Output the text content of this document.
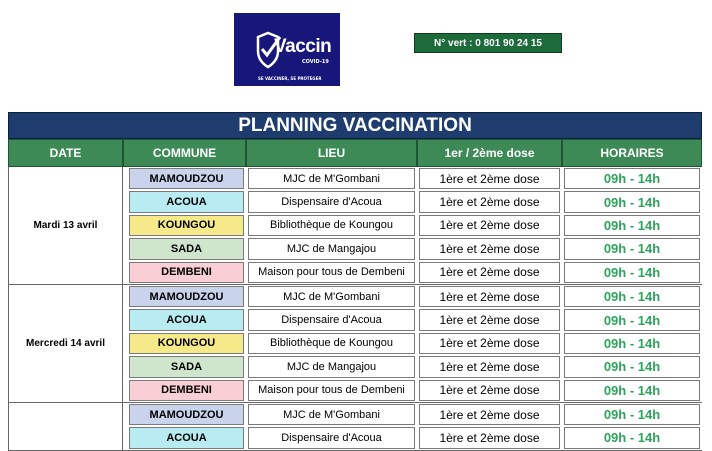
Vaccin
COVID-19
SE VACCINER, SE PROTEGER
N° vert : 0 801 90 24 15
PLANNING VACCINATION
DATE	COMMUNE	LIEU	1er / 2ème dose	HORAIRES
Mardi 13 avril
MAMOUDZOU	MJC de M'Gombani	1ère et 2ème dose	09h - 14h
ACOUA	Dispensaire d'Acoua	1ère et 2ème dose	09h - 14h
KOUNGOU	Bibliothèque de Koungou	1ère et 2ème dose	09h - 14h
SADA	MJC de Mangajou	1ère et 2ème dose	09h - 14h
DEMBENI	Maison pour tous de Dembeni	1ère et 2ème dose	09h - 14h
Mercredi 14 avril
MAMOUDZOU	MJC de M'Gombani	1ère et 2ème dose	09h - 14h
ACOUA	Dispensaire d'Acoua	1ère et 2ème dose	09h - 14h
KOUNGOU	Bibliothèque de Koungou	1ère et 2ème dose	09h - 14h
SADA	MJC de Mangajou	1ère et 2ème dose	09h - 14h
DEMBENI	Maison pour tous de Dembeni	1ère et 2ème dose	09h - 14h
MAMOUDZOU	MJC de M'Gombani	1ère et 2ème dose	09h - 14h
ACOUA	Dispensaire d'Acoua	1ère et 2ème dose	09h - 14h
